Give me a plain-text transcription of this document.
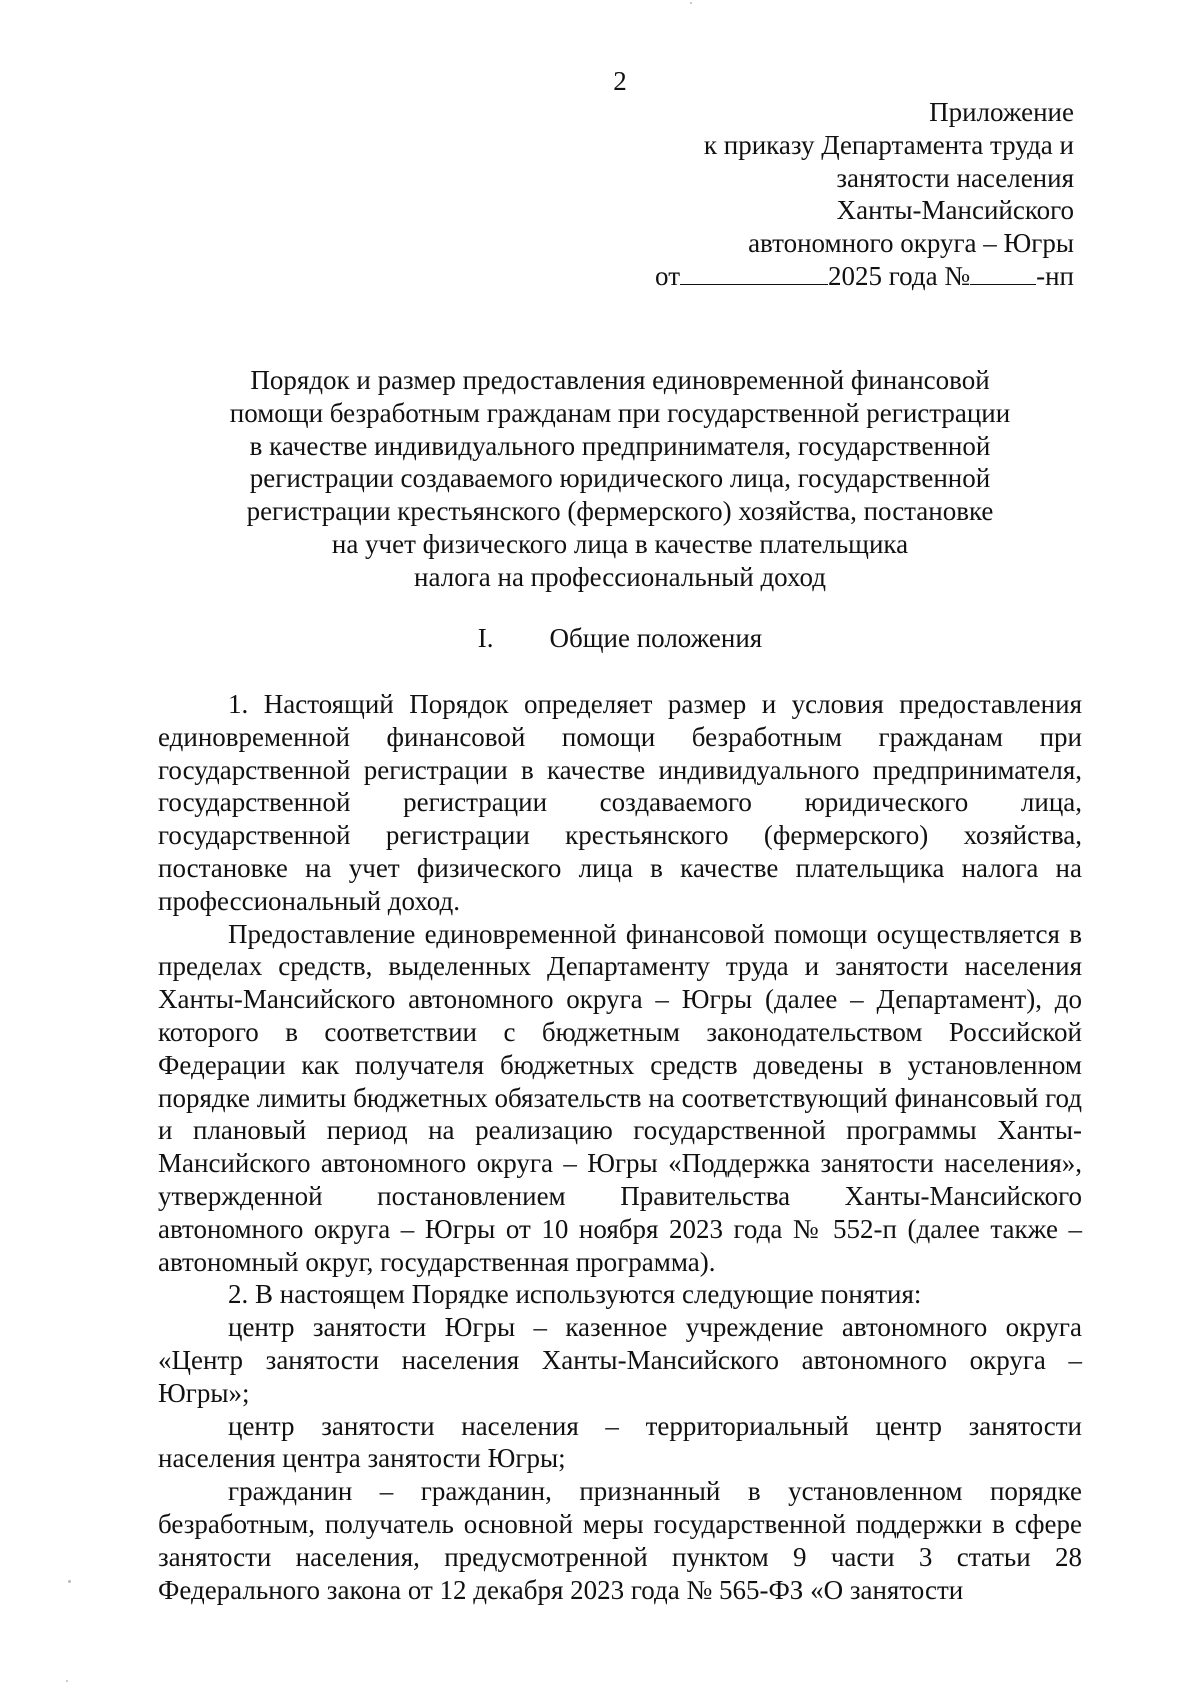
2
Приложение
к приказу Департамента труда и
занятости населения
Ханты-Мансийского
автономного округа – Югры
от	2025 года № -нп
Порядок и размер предоставления единовременной финансовой
помощи безработным гражданам при государственной регистрации
в качестве индивидуального предпринимателя, государственной
регистрации создаваемого юридического лица, государственной
регистрации крестьянского (фермерского) хозяйства, постановке
на учет физического лица в качестве плательщика
налога на профессиональный доход
I. Общие положения

1. Настоящий Порядок определяет размер и условия предоставления единовременной финансовой помощи безработным гражданам при государственной регистрации в качестве индивидуального предпринимателя, государственной регистрации создаваемого юридического лица, государственной регистрации крестьянского (фермерского) хозяйства, постановке на учет физического лица в качестве плательщика налога на профессиональный доход.

Предоставление единовременной финансовой помощи осуществляется в пределах средств, выделенных Департаменту труда и занятости населения Ханты-Мансийского автономного округа – Югры (далее – Департамент), до которого в соответствии с бюджетным законодательством Российской Федерации как получателя бюджетных средств доведены в установленном порядке лимиты бюджетных обязательств на соответствующий финансовый год и плановый период на реализацию государственной программы Ханты-Мансийского автономного округа – Югры «Поддержка занятости населения», утвержденной постановлением Правительства Ханты-Мансийского автономного округа – Югры от 10 ноября 2023 года № 552-п (далее также – автономный округ, государственная программа).

2. В настоящем Порядке используются следующие понятия:

центр занятости Югры – казенное учреждение автономного округа «Центр занятости населения Ханты-Мансийского автономного округа – Югры»;

центр занятости населения – территориальный центр занятости населения центра занятости Югры;

гражданин – гражданин, признанный в установленном порядке безработным, получатель основной меры государственной поддержки в сфере занятости населения, предусмотренной пунктом 9 части 3 статьи 28 Федерального закона от 12 декабря 2023 года № 565-ФЗ «О занятости
